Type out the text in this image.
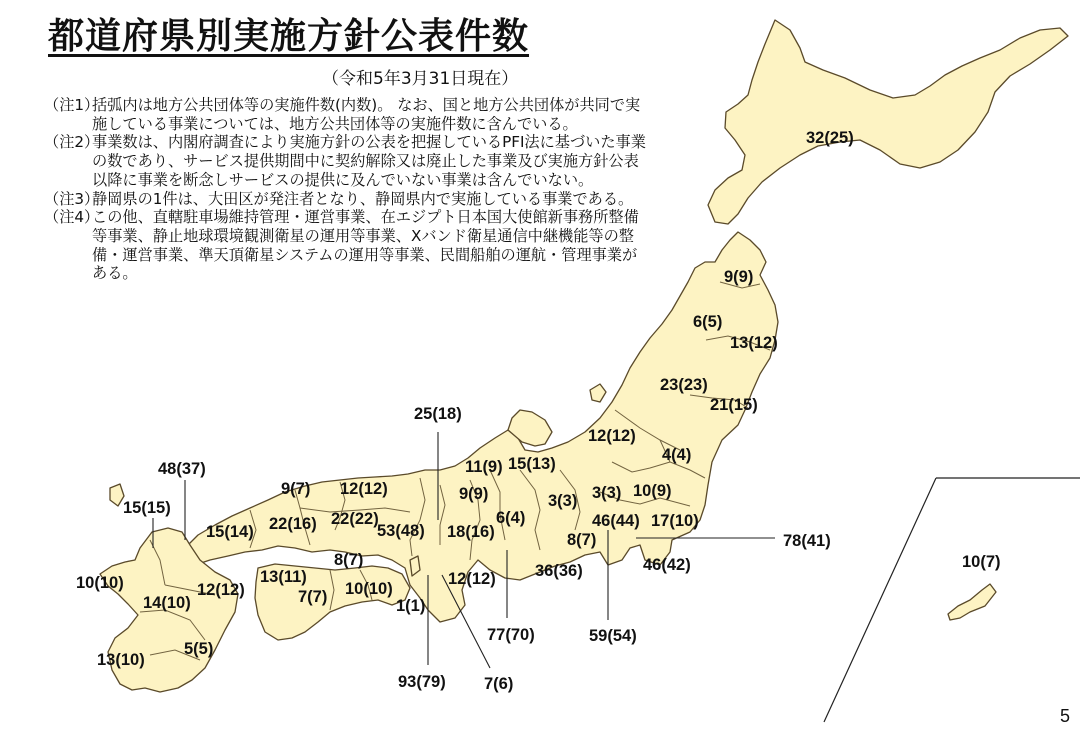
都道府県別実施方針公表件数
（令和5年3月31日現在）
（注1）
括弧内は地方公共団体等の実施件数(内数)。 なお、国と地方公共団体が共同で実施している事業については、地方公共団体等の実施件数に含んでいる。
（注2）
事業数は、内閣府調査により実施方針の公表を把握しているPFI法に基づいた事業の数であり、サービス提供期間中に契約解除又は廃止した事業及び実施方針公表以降に事業を断念しサービスの提供に及んでいない事業は含んでいない。
（注3）
静岡県の1件は、大田区が発注者となり、静岡県内で実施している事業である。
（注4）
この他、直轄駐車場維持管理・運営事業、在エジプト日本国大使館新事務所整備等事業、静止地球環境観測衛星の運用等事業、Xバンド衛星通信中継機能等の整備・運営事業、準天頂衛星システムの運用等事業、民間船舶の運航・管理事業がある。
32(25)
9(9)
6(5)
13(12)
23(23)
21(15)
12(12)
4(4)
25(18)
15(13)
11(9)
9(9)	3(3) 3(3) 10(9)
17(10)
46(44)
78(41)
46(42)
8(7)
59(54)
36(36)
77(70)
6(4)
18(16)
93(79)
12(12)
1(1)
7(6)
53(48)
12(12)
22(22)
9(7)
22(16)
15(14)
8(7)
10(10)
13(11)
7(7)
48(37)
15(15)
10(10)
14(10)
12(12)
5(5)
13(10)
10(7)
5
